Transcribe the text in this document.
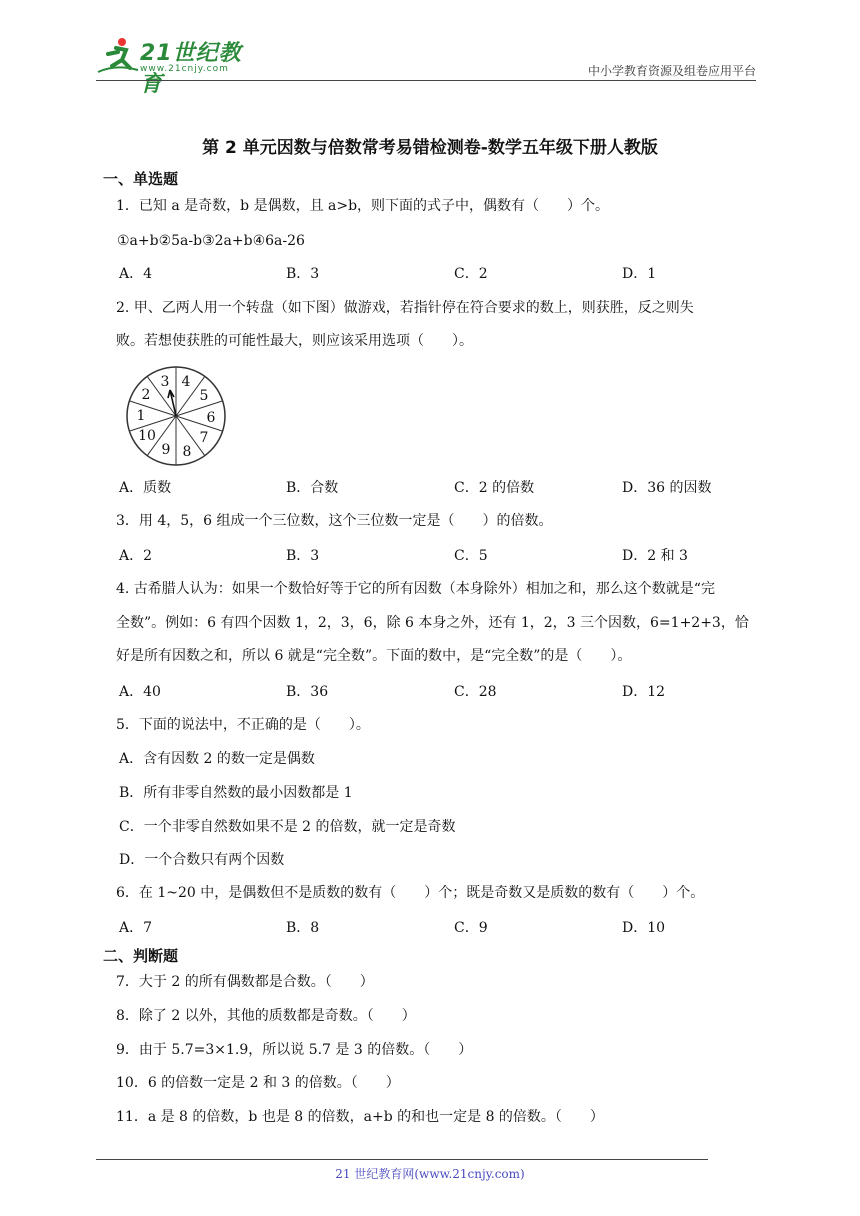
21世纪教育
www.21cnjy.com	中小学教育资源及组卷应用平台
第 2 单元因数与倍数常考易错检测卷-数学五年级下册人教版
一、单选题
1．已知 a 是奇数，b 是偶数，且 a>b，则下面的式子中，偶数有（　　）个。
①a+b②5a-b③2a+b④6a-26
A．4	B．3	C．2	D．1
2. 甲、乙两人用一个转盘（如下图）做游戏，若指针停在符合要求的数上，则获胜，反之则失
败。若想使获胜的可能性最大，则应该采用选项（　　）。
3 4
5
6
7
8
9
10
1
2
A．质数	B．合数	C．2 的倍数	D．36 的因数
3．用 4，5，6 组成一个三位数，这个三位数一定是（　　）的倍数。
A．2	B．3	C．5	D．2 和 3
4. 古希腊人认为：如果一个数恰好等于它的所有因数（本身除外）相加之和，那么这个数就是“完
全数”。例如：6 有四个因数 1，2，3，6，除 6 本身之外，还有 1，2，3 三个因数，6=1+2+3，恰
好是所有因数之和，所以 6 就是“完全数”。下面的数中，是“完全数”的是（　　）。
A．40	B．36	C．28	D．12
5．下面的说法中，不正确的是（　　）。
A．含有因数 2 的数一定是偶数
B．所有非零自然数的最小因数都是 1
C．一个非零自然数如果不是 2 的倍数，就一定是奇数
D．一个合数只有两个因数
6．在 1~20 中，是偶数但不是质数的数有（　　）个；既是奇数又是质数的数有（　　）个。
A．7	B．8	C．9	D．10
二、判断题
7．大于 2 的所有偶数都是合数。（　　）
8．除了 2 以外，其他的质数都是奇数。（　　）
9．由于 5.7=3×1.9，所以说 5.7 是 3 的倍数。（　　）
10．6 的倍数一定是 2 和 3 的倍数。（　　）
11．a 是 8 的倍数，b 也是 8 的倍数，a+b 的和也一定是 8 的倍数。（　　）
21 世纪教育网(www.21cnjy.com)
